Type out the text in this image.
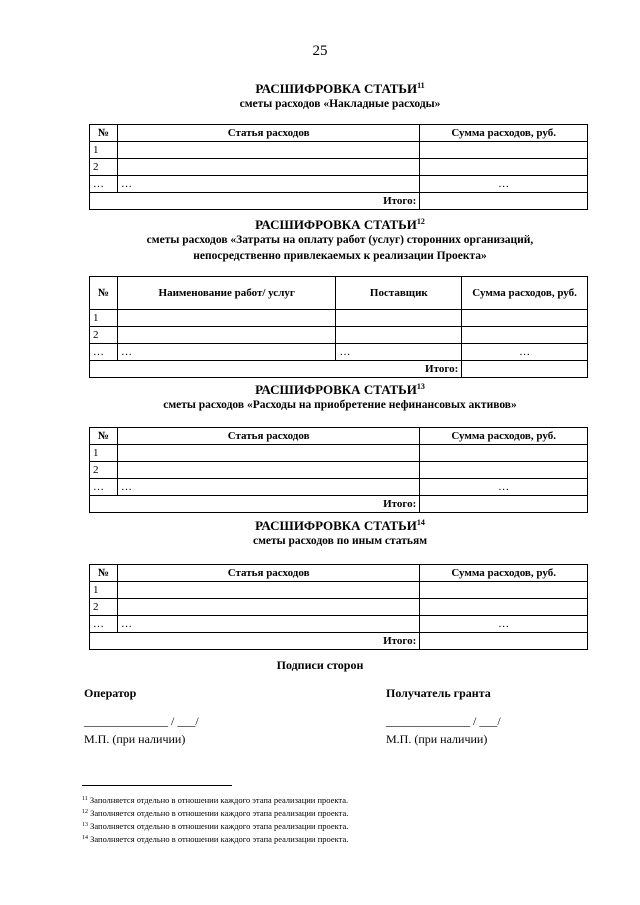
25
РАСШИФРОВКА СТАТЬИ$^{11}$
сметы расходов «Накладные расходы»
№	Статья расходов	Сумма расходов, руб.
1		
2		
…	…	…
Итого:		
РАСШИФРОВКА СТАТЬИ$^{12}$
сметы расходов «Затраты на оплату работ (услуг) сторонних организаций,
непосредственно привлекаемых к реализации Проекта»
№	Наименование работ/ услуг	Поставщик	Сумма расходов, руб.
1			
2			
…	…	…	…
Итого:			
РАСШИФРОВКА СТАТЬИ$^{13}$
сметы расходов «Расходы на приобретение нефинансовых активов»
№	Статья расходов	Сумма расходов, руб.
1		
2		
…	…	…
Итого:		
РАСШИФРОВКА СТАТЬИ$^{14}$
сметы расходов по иным статьям
№	Статья расходов	Сумма расходов, руб.
1		
2		
…	…	…
Итого:		
Подписи сторон
Оператор	Получатель гранта
______________ / ___/	______________ / ___/
М.П. (при наличии)	М.П. (при наличии)
$^{11}$ Заполняется отдельно в отношении каждого этапа реализации проекта.
$^{12}$ Заполняется отдельно в отношении каждого этапа реализации проекта.
$^{13}$ Заполняется отдельно в отношении каждого этапа реализации проекта.
$^{14}$ Заполняется отдельно в отношении каждого этапа реализации проекта.
